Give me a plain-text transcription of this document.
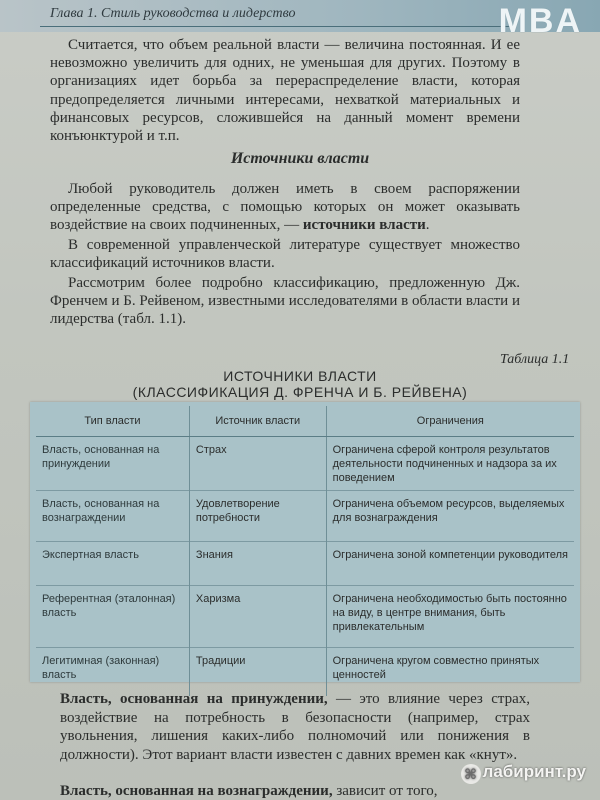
Глава 1. Стиль руководства и лидерство	MBA

Считается, что объем реальной власти — величина постоянная. И ее невозможно увеличить для одних, не уменьшая для других. Поэтому в организациях идет борьба за перераспределение власти, которая предопределяется личными интересами, нехваткой материальных и финансовых ресурсов, сложившейся на данный момент времени конъюнктурой и т.п.

Источники власти

Любой руководитель должен иметь в своем распоряжении определенные средства, с помощью которых он может оказывать воздействие на своих подчиненных, — источники власти.

В современной управленческой литературе существует множество классификаций источников власти.

Рассмотрим более подробно классификацию, предложенную Дж. Френчем и Б. Рейвеном, известными исследователями в области власти и лидерства (табл. 1.1).

Таблица 1.1
ИСТОЧНИКИ ВЛАСТИ
(КЛАССИФИКАЦИЯ Д. ФРЕНЧА И Б. РЕЙВЕНА)
Тип власти	Источник власти	Ограничения
Власть, основанная на принуждении	Страх	Ограничена сферой контроля результатов деятельности подчиненных и надзора за их поведением
Власть, основанная на вознаграждении	Удовлетворение потребности	Ограничена объемом ресурсов, выделяемых для вознаграждения
Экспертная власть	Знания	Ограничена зоной компетенции руководителя
Референтная (эталонная) власть	Харизма	Ограничена необходимостью быть постоянно на виду, в центре внимания, быть привлекательным
Легитимная (законная) власть	Традиции	Ограничена кругом совместно принятых ценностей

Власть, основанная на принуждении, — это влияние через страх, воздействие на потребность в безопасности (например, страх увольнения, лишения каких-либо полномочий или понижения в должности). Этот вариант власти известен с давних времен как «кнут».

Власть, основанная на вознаграждении, зависит от того,

⌘ лабиринт.ру
